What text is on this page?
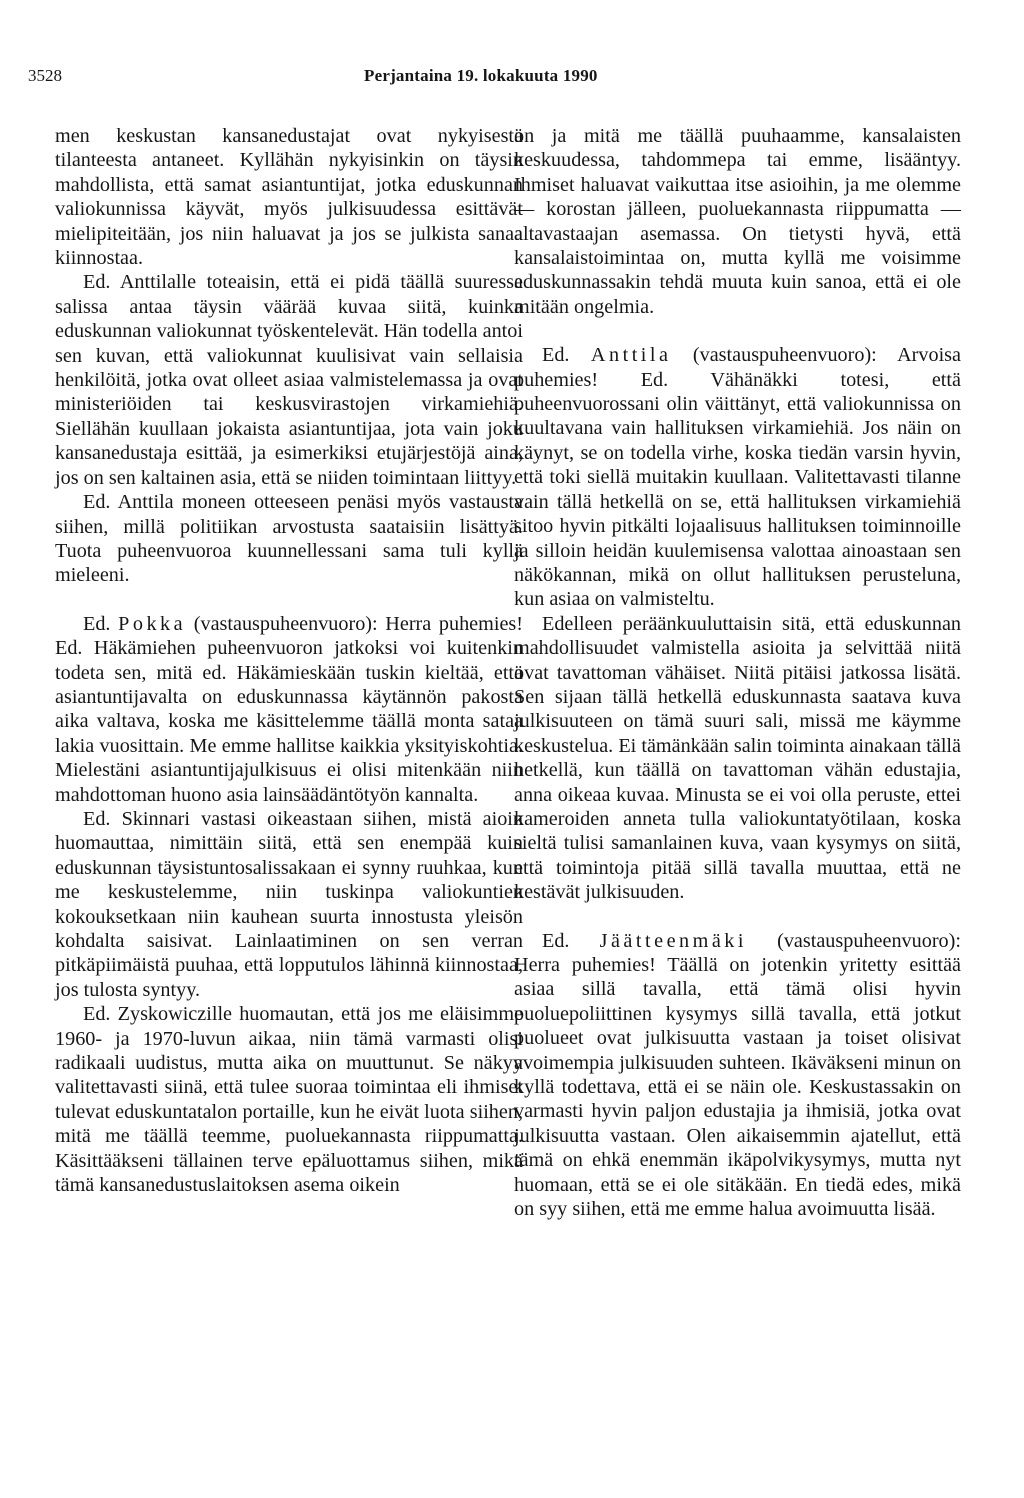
3528	Perjantaina 19. lokakuuta 1990

men keskustan kansanedustajat ovat nykyisestä tilanteesta antaneet. Kyllähän nykyisinkin on täysin mahdollista, että samat asiantuntijat, jotka eduskunnan valiokunnissa käyvät, myös julkisuudessa esittävät mielipiteitään, jos niin haluavat ja jos se julkista sanaa kiinnostaa.

Ed. Anttilalle toteaisin, että ei pidä täällä suuressa salissa antaa täysin väärää kuvaa siitä, kuinka eduskunnan valiokunnat työskentelevät. Hän todella antoi sen kuvan, että valiokunnat kuulisivat vain sellaisia henkilöitä, jotka ovat olleet asiaa valmistelemassa ja ovat ministeriöiden tai keskusvirastojen virkamiehiä. Siellähän kuullaan jokaista asiantuntijaa, jota vain joku kansanedustaja esittää, ja esimerkiksi etujärjestöjä aina, jos on sen kaltainen asia, että se niiden toimintaan liittyy.

Ed. Anttila moneen otteeseen penäsi myös vastausta siihen, millä politiikan arvostusta saataisiin lisättyä. Tuota puheenvuoroa kuunnellessani sama tuli kyllä mieleeni.

Ed. Pokka (vastauspuheenvuoro): Herra puhemies! Ed. Häkämiehen puheenvuoron jatkoksi voi kuitenkin todeta sen, mitä ed. Häkämieskään tuskin kieltää, että asiantuntijavalta on eduskunnassa käytännön pakosta aika valtava, koska me käsittelemme täällä monta sataa lakia vuosittain. Me emme hallitse kaikkia yksityiskohtia. Mielestäni asiantuntijajulkisuus ei olisi mitenkään niin mahdottoman huono asia lainsäädäntötyön kannalta.

Ed. Skinnari vastasi oikeastaan siihen, mistä aioin huomauttaa, nimittäin siitä, että sen enempää kuin eduskunnan täysistuntosalissakaan ei synny ruuhkaa, kun me keskustelemme, niin tuskinpa valiokuntien kokouksetkaan niin kauhean suurta innostusta yleisön kohdalta saisivat. Lainlaatiminen on sen verran pitkäpiimäistä puuhaa, että lopputulos lähinnä kiinnostaa, jos tulosta syntyy.

Ed. Zyskowiczille huomautan, että jos me eläisimme 1960- ja 1970-luvun aikaa, niin tämä varmasti olisi radikaali uudistus, mutta aika on muuttunut. Se näkyy valitettavasti siinä, että tulee suoraa toimintaa eli ihmiset tulevat eduskuntatalon portaille, kun he eivät luota siihen, mitä me täällä teemme, puoluekannasta riippumatta. Käsittääkseni tällainen terve epäluottamus siihen, mikä tämä kansanedustuslaitoksen asema oikein

on ja mitä me täällä puuhaamme, kansalaisten keskuudessa, tahdommepa tai emme, lisääntyy. Ihmiset haluavat vaikuttaa itse asioihin, ja me olemme — korostan jälleen, puoluekannasta riippumatta — altavastaajan asemassa. On tietysti hyvä, että kansalaistoimintaa on, mutta kyllä me voisimme eduskunnassakin tehdä muuta kuin sanoa, että ei ole mitään ongelmia.

Ed. Anttila (vastauspuheenvuoro): Arvoisa puhemies! Ed. Vähänäkki totesi, että puheenvuorossani olin väittänyt, että valiokunnissa on kuultavana vain hallituksen virkamiehiä. Jos näin on käynyt, se on todella virhe, koska tiedän varsin hyvin, että toki siellä muitakin kuullaan. Valitettavasti tilanne vain tällä hetkellä on se, että hallituksen virkamiehiä sitoo hyvin pitkälti lojaalisuus hallituksen toiminnoille ja silloin heidän kuulemisensa valottaa ainoastaan sen näkökannan, mikä on ollut hallituksen perusteluna, kun asiaa on valmisteltu.

Edelleen peräänkuuluttaisin sitä, että eduskunnan mahdollisuudet valmistella asioita ja selvittää niitä ovat tavattoman vähäiset. Niitä pitäisi jatkossa lisätä. Sen sijaan tällä hetkellä eduskunnasta saatava kuva julkisuuteen on tämä suuri sali, missä me käymme keskustelua. Ei tämänkään salin toiminta ainakaan tällä hetkellä, kun täällä on tavattoman vähän edustajia, anna oikeaa kuvaa. Minusta se ei voi olla peruste, ettei kameroiden anneta tulla valiokuntatyötilaan, koska sieltä tulisi samanlainen kuva, vaan kysymys on siitä, että toimintoja pitää sillä tavalla muuttaa, että ne kestävät julkisuuden.

Ed. Jäätteenmäki (vastauspuheenvuoro): Herra puhemies! Täällä on jotenkin yritetty esittää asiaa sillä tavalla, että tämä olisi hyvin puoluepoliittinen kysymys sillä tavalla, että jotkut puolueet ovat julkisuutta vastaan ja toiset olisivat avoimempia julkisuuden suhteen. Ikäväkseni minun on kyllä todettava, että ei se näin ole. Keskustassakin on varmasti hyvin paljon edustajia ja ihmisiä, jotka ovat julkisuutta vastaan. Olen aikaisemmin ajatellut, että tämä on ehkä enemmän ikäpolvikysymys, mutta nyt huomaan, että se ei ole sitäkään. En tiedä edes, mikä on syy siihen, että me emme halua avoimuutta lisää.
